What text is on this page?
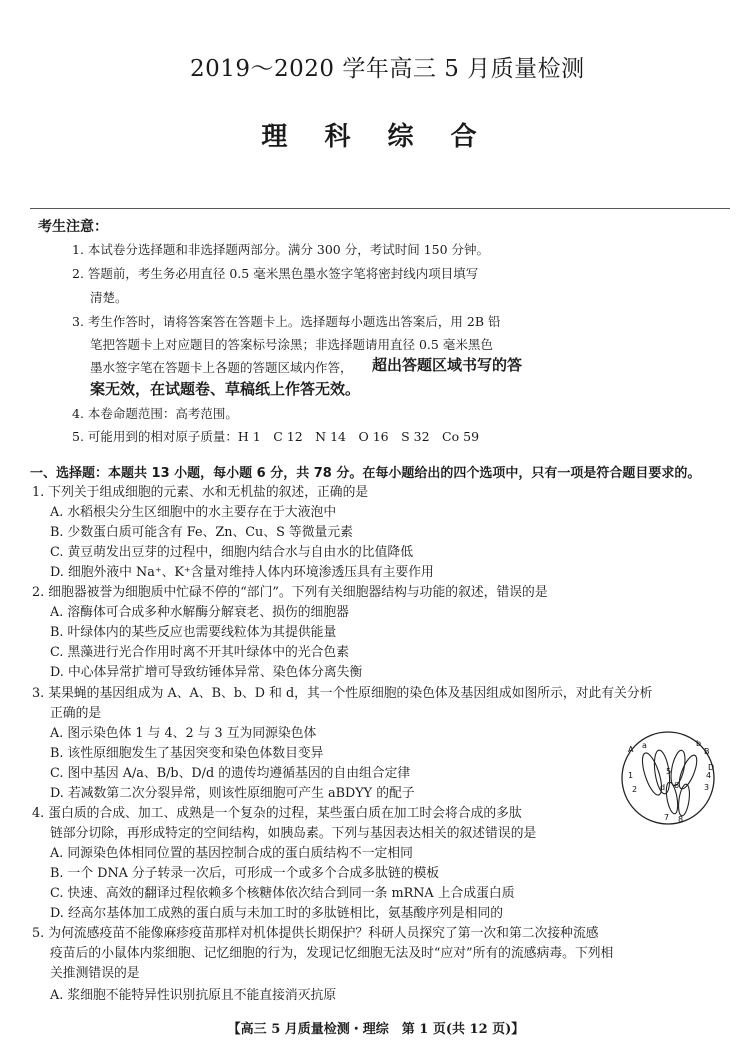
2019～2020 学年高三 5 月质量检测
理 科 综 合
考生注意：
1. 本试卷分选择题和非选择题两部分。满分 300 分，考试时间 150 分钟。
2. 答题前，考生务必用直径 0.5 毫米黑色墨水签字笔将密封线内项目填写
清楚。
3. 考生作答时，请将答案答在答题卡上。选择题每小题选出答案后，用 2B 铅
笔把答题卡上对应题目的答案标号涂黑；非选择题请用直径 0.5 毫米黑色
墨水签字笔在答题卡上各题的答题区域内作答，	超出答题区域书写的答
案无效，在试题卷、草稿纸上作答无效。
4. 本卷命题范围：高考范围。
5. 可能用到的相对原子质量：H 1　C 12　N 14　O 16　S 32　Co 59
一、选择题：本题共 13 小题，每小题 6 分，共 78 分。在每小题给出的四个选项中，只有一项是符合题目要求的。
1. 下列关于组成细胞的元素、水和无机盐的叙述，正确的是
A. 水稻根尖分生区细胞中的水主要存在于大液泡中
B. 少数蛋白质可能含有 Fe、Zn、Cu、S 等微量元素
C. 黄豆萌发出豆芽的过程中，细胞内结合水与自由水的比值降低
D. 细胞外液中 Na⁺、K⁺含量对维持人体内环境渗透压具有主要作用
2. 细胞器被誉为细胞质中忙碌不停的“部门”。下列有关细胞器结构与功能的叙述，错误的是
A. 溶酶体可合成多种水解酶分解衰老、损伤的细胞器
B. 叶绿体内的某些反应也需要线粒体为其提供能量
C. 黑藻进行光合作用时离不开其叶绿体中的光合色素
D. 中心体异常扩增可导致纺锤体异常、染色体分离失衡
3. 某果蝇的基因组成为 A、A、B、b、D 和 d，其一个性原细胞的染色体及基因组成如图所示，对此有关分析
正确的是
A. 图示染色体 1 与 4、2 与 3 互为同源染色体
B. 该性原细胞发生了基因突变和染色体数目变异
C. 图中基因 A/a、B/b、D/d 的遗传均遵循基因的自由组合定律
D. 若减数第二次分裂异常，则该性原细胞可产生 aBDYY 的配子
A a
B
b
D
d
1
2	3
4
5
6
7 8
4. 蛋白质的合成、加工、成熟是一个复杂的过程，某些蛋白质在加工时会将合成的多肽
链部分切除，再形成特定的空间结构，如胰岛素。下列与基因表达相关的叙述错误的是
A. 同源染色体相同位置的基因控制合成的蛋白质结构不一定相同
B. 一个 DNA 分子转录一次后，可形成一个或多个合成多肽链的模板
C. 快速、高效的翻译过程依赖多个核糖体依次结合到同一条 mRNA 上合成蛋白质
D. 经高尔基体加工成熟的蛋白质与未加工时的多肽链相比，氨基酸序列是相同的
5. 为何流感疫苗不能像麻疹疫苗那样对机体提供长期保护？科研人员探究了第一次和第二次接种流感
疫苗后的小鼠体内浆细胞、记忆细胞的行为，发现记忆细胞无法及时“应对”所有的流感病毒。下列相
关推测错误的是
A. 浆细胞不能特异性识别抗原且不能直接消灭抗原
【高三 5 月质量检测・理综　第 1 页(共 12 页)】
